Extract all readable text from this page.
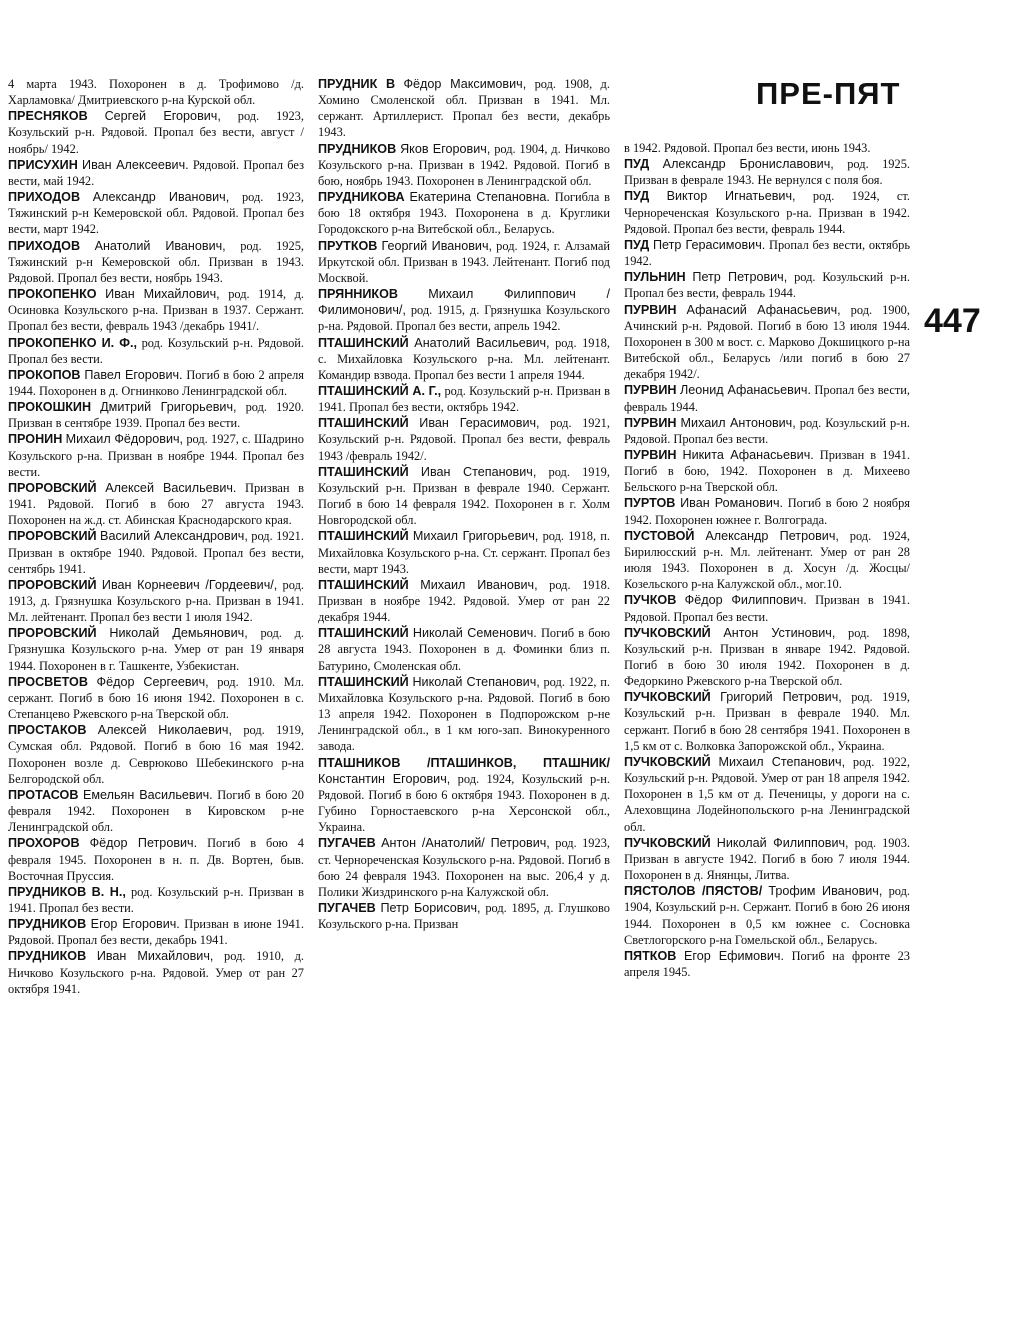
ПРЕ-ПЯТ
447

4 марта 1943. Похоронен в д. Трофимово /д. Харламовка/ Дмитриевского р-на Курской обл.

ПРЕСНЯКОВ Сергей Егорович, род. 1923, Козульский р-н. Рядовой. Пропал без вести, август /ноябрь/ 1942.

ПРИСУХИН Иван Алексеевич. Рядовой. Пропал без вести, май 1942.

ПРИХОДОВ Александр Иванович, род. 1923, Тяжинский р-н Кемеровской обл. Рядовой. Пропал без вести, март 1942.

ПРИХОДОВ Анатолий Иванович, род. 1925, Тяжинский р-н Кемеровской обл. Призван в 1943. Рядовой. Пропал без вести, ноябрь 1943.

ПРОКОПЕНКО Иван Михайлович, род. 1914, д. Осиновка Козульского р-на. Призван в 1937. Сержант. Пропал без вести, февраль 1943 /декабрь 1941/.

ПРОКОПЕНКО И. Ф., род. Козульский р-н. Рядовой. Пропал без вести.

ПРОКОПОВ Павел Егорович. Погиб в бою 2 апреля 1944. Похоронен в д. Огнинково Ленинградской обл.

ПРОКОШКИН Дмитрий Григорьевич, род. 1920. Призван в сентябре 1939. Пропал без вести.

ПРОНИН Михаил Фёдорович, род. 1927, с. Шадрино Козульского р-на. Призван в ноябре 1944. Пропал без вести.

ПРОРОВСКИЙ Алексей Васильевич. Призван в 1941. Рядовой. Погиб в бою 27 августа 1943. Похоронен на ж.д. ст. Абинская Краснодарского края.

ПРОРОВСКИЙ Василий Александрович, род. 1921. Призван в октябре 1940. Рядовой. Пропал без вести, сентябрь 1941.

ПРОРОВСКИЙ Иван Корнеевич /Гордеевич/, род. 1913, д. Грязнушка Козульского р-на. Призван в 1941. Мл. лейтенант. Пропал без вести 1 июля 1942.

ПРОРОВСКИЙ Николай Демьянович, род. д. Грязнушка Козульского р-на. Умер от ран 19 января 1944. Похоронен в г. Ташкенте, Узбекистан.

ПРОСВЕТОВ Фёдор Сергеевич, род. 1910. Мл. сержант. Погиб в бою 16 июня 1942. Похоронен в с. Степанцево Ржевского р-на Тверской обл.

ПРОСТАКОВ Алексей Николаевич, род. 1919, Сумская обл. Рядовой. Погиб в бою 16 мая 1942. Похоронен возле д. Севрюково Шебекинского р-на Белгородской обл.

ПРОТАСОВ Емельян Васильевич. Погиб в бою 20 февраля 1942. Похоронен в Кировском р-не Ленинградской обл.

ПРОХОРОВ Фёдор Петрович. Погиб в бою 4 февраля 1945. Похоронен в н. п. Дв. Вортен, быв. Восточная Пруссия.

ПРУДНИКОВ В. Н., род. Козульский р-н. Призван в 1941. Пропал без вести.

ПРУДНИКОВ Егор Егорович. Призван в июне 1941. Рядовой. Пропал без вести, декабрь 1941.

ПРУДНИКОВ Иван Михайлович, род. 1910, д. Ничково Козульского р-на. Рядовой. Умер от ран 27 октября 1941.

ПРУДНИК В Фёдор Максимович, род. 1908, д. Хомино Смоленской обл. Призван в 1941. Мл. сержант. Артиллерист. Пропал без вести, декабрь 1943.

ПРУДНИКОВ Яков Егорович, род. 1904, д. Ничково Козульского р-на. Призван в 1942. Рядовой. Погиб в бою, ноябрь 1943. Похоронен в Ленинградской обл.

ПРУДНИКОВА Екатерина Степановна. Погибла в бою 18 октября 1943. Похоронена в д. Круглики Городокского р-на Витебской обл., Беларусь.

ПРУТКОВ Георгий Иванович, род. 1924, г. Алзамай Иркутской обл. Призван в 1943. Лейтенант. Погиб под Москвой.

ПРЯННИКОВ Михаил Филиппович /Филимонович/, род. 1915, д. Грязнушка Козульского р-на. Рядовой. Пропал без вести, апрель 1942.

ПТАШИНСКИЙ Анатолий Васильевич, род. 1918, с. Михайловка Козульского р-на. Мл. лейтенант. Командир взвода. Пропал без вести 1 апреля 1944.

ПТАШИНСКИЙ А. Г., род. Козульский р-н. Призван в 1941. Пропал без вести, октябрь 1942.

ПТАШИНСКИЙ Иван Герасимович, род. 1921, Козульский р-н. Рядовой. Пропал без вести, февраль 1943 /февраль 1942/.

ПТАШИНСКИЙ Иван Степанович, род. 1919, Козульский р-н. Призван в феврале 1940. Сержант. Погиб в бою 14 февраля 1942. Похоронен в г. Холм Новгородской обл.

ПТАШИНСКИЙ Михаил Григорьевич, род. 1918, п. Михайловка Козульского р-на. Ст. сержант. Пропал без вести, март 1943.

ПТАШИНСКИЙ Михаил Иванович, род. 1918. Призван в ноябре 1942. Рядовой. Умер от ран 22 декабря 1944.

ПТАШИНСКИЙ Николай Семенович. Погиб в бою 28 августа 1943. Похоронен в д. Фоминки близ п. Батурино, Смоленская обл.

ПТАШИНСКИЙ Николай Степанович, род. 1922, п. Михайловка Козульского р-на. Рядовой. Погиб в бою 13 апреля 1942. Похоронен в Подпорожском р-не Ленинградской обл., в 1 км юго-зап. Винокуренного завода.

ПТАШНИКОВ /ПТАШИНКОВ, ПТАШНИК/ Константин Егорович, род. 1924, Козульский р-н. Рядовой. Погиб в бою 6 октября 1943. Похоронен в д. Губино Горностаевского р-на Херсонской обл., Украина.

ПУГАЧЕВ Антон /Анатолий/ Петрович, род. 1923, ст. Чернореченская Козульского р-на. Рядовой. Погиб в бою 24 февраля 1943. Похоронен на выс. 206,4 у д. Полики Жиздринского р-на Калужской обл.

ПУГАЧЕВ Петр Борисович, род. 1895, д. Глушково Козульского р-на. Призван

в 1942. Рядовой. Пропал без вести, июнь 1943.

ПУД Александр Брониславович, род. 1925. Призван в феврале 1943. Не вернулся с поля боя.

ПУД Виктор Игнатьевич, род. 1924, ст. Чернореченская Козульского р-на. Призван в 1942. Рядовой. Пропал без вести, февраль 1944.

ПУД Петр Герасимович. Пропал без вести, октябрь 1942.

ПУЛЬНИН Петр Петрович, род. Козульский р-н. Пропал без вести, февраль 1944.

ПУРВИН Афанасий Афанасьевич, род. 1900, Ачинский р-н. Рядовой. Погиб в бою 13 июля 1944. Похоронен в 300 м вост. с. Марково Докшицкого р-на Витебской обл., Беларусь /или погиб в бою 27 декабря 1942/.

ПУРВИН Леонид Афанасьевич. Пропал без вести, февраль 1944.

ПУРВИН Михаил Антонович, род. Козульский р-н. Рядовой. Пропал без вести.

ПУРВИН Никита Афанасьевич. Призван в 1941. Погиб в бою, 1942. Похоронен в д. Михеево Бельского р-на Тверской обл.

ПУРТОВ Иван Романович. Погиб в бою 2 ноября 1942. Похоронен южнее г. Волгограда.

ПУСТОВОЙ Александр Петрович, род. 1924, Бирилюсский р-н. Мл. лейтенант. Умер от ран 28 июля 1943. Похоронен в д. Хосун /д. Жосцы/ Козельского р-на Калужской обл., мог.10.

ПУЧКОВ Фёдор Филиппович. Призван в 1941. Рядовой. Пропал без вести.

ПУЧКОВСКИЙ Антон Устинович, род. 1898, Козульский р-н. Призван в январе 1942. Рядовой. Погиб в бою 30 июля 1942. Похоронен в д. Федоркино Ржевского р-на Тверской обл.

ПУЧКОВСКИЙ Григорий Петрович, род. 1919, Козульский р-н. Призван в феврале 1940. Мл. сержант. Погиб в бою 28 сентября 1941. Похоронен в 1,5 км от с. Волковка Запорожской обл., Украина.

ПУЧКОВСКИЙ Михаил Степанович, род. 1922, Козульский р-н. Рядовой. Умер от ран 18 апреля 1942. Похоронен в 1,5 км от д. Печеницы, у дороги на с. Алеховщина Лодейнопольского р-на Ленинградской обл.

ПУЧКОВСКИЙ Николай Филиппович, род. 1903. Призван в августе 1942. Погиб в бою 7 июля 1944. Похоронен в д. Янянцы, Литва.

ПЯСТОЛОВ /ПЯСТОВ/ Трофим Иванович, род. 1904, Козульский р-н. Сержант. Погиб в бою 26 июня 1944. Похоронен в 0,5 км южнее с. Сосновка Светлогорского р-на Гомельской обл., Беларусь.

ПЯТКОВ Егор Ефимович. Погиб на фронте 23 апреля 1945.
